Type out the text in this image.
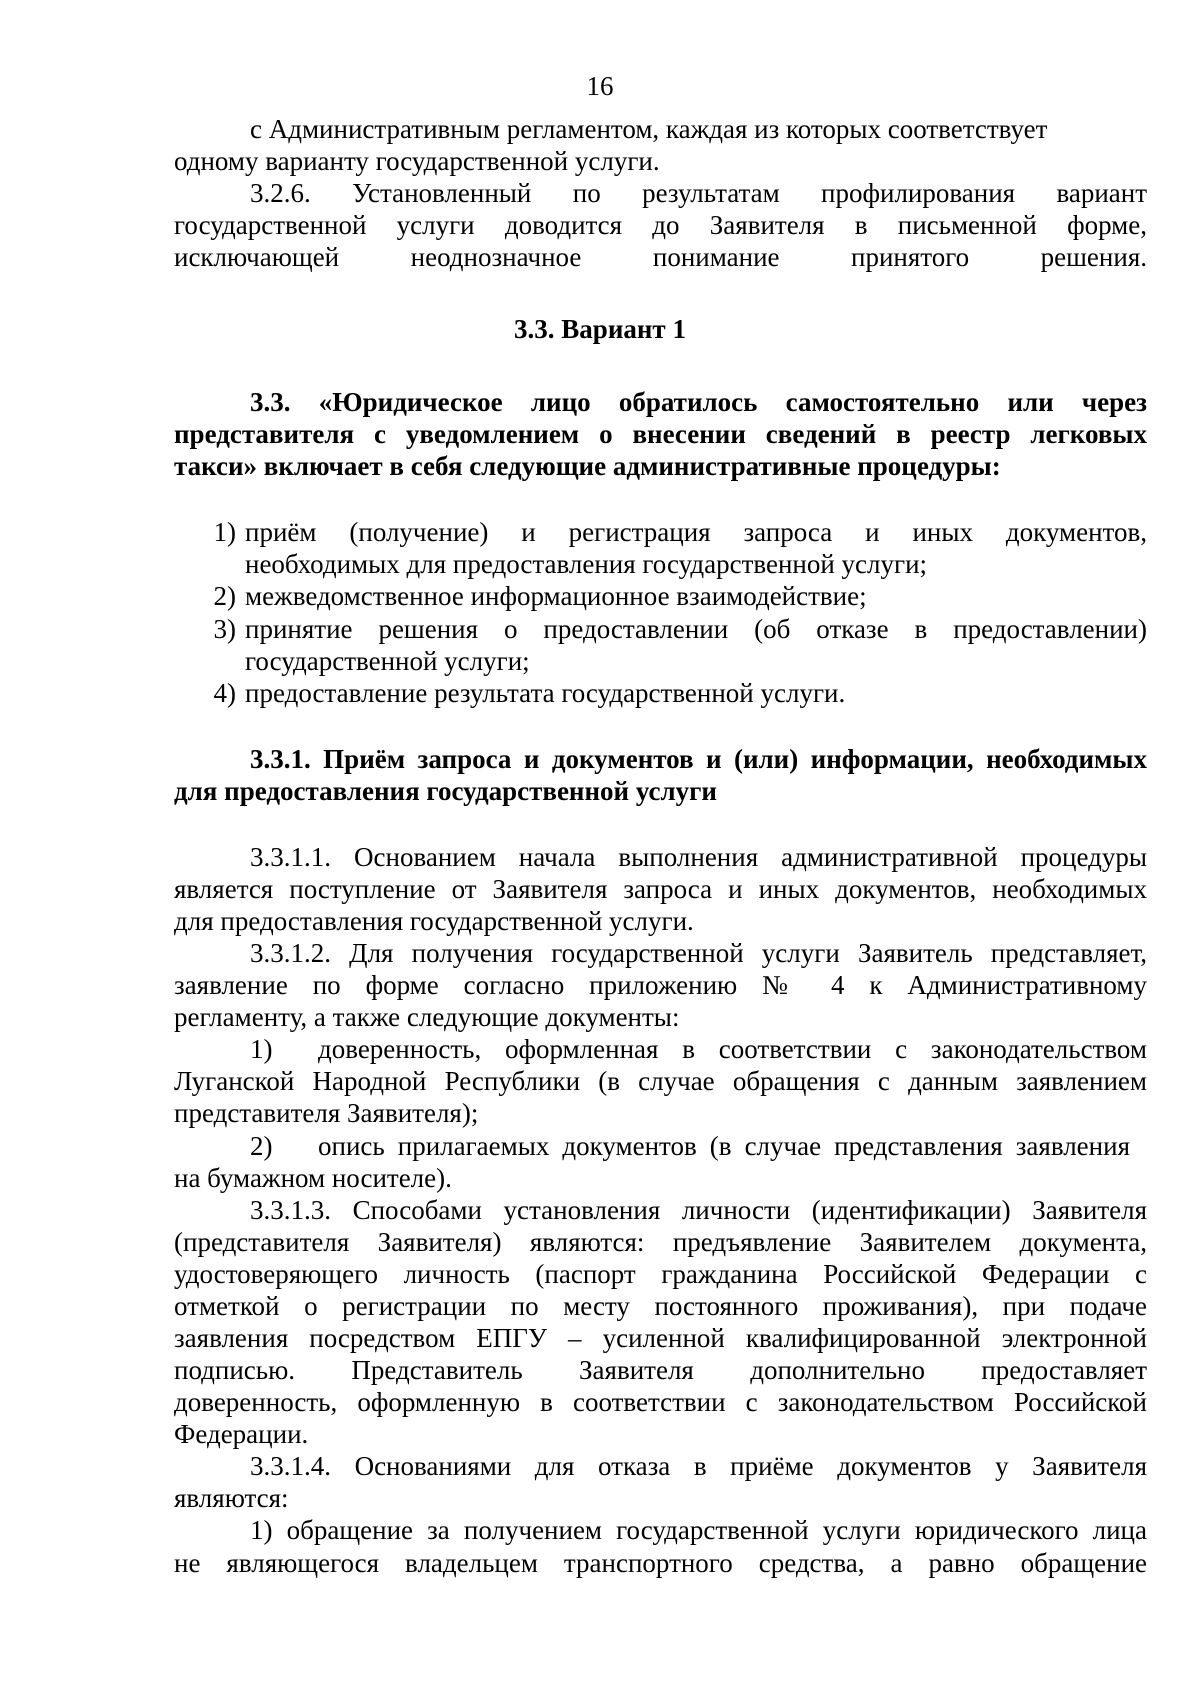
16
с Административным регламентом, каждая из которых соответствует
одному варианту государственной услуги.
3.2.6. Установленный по результатам профилирования вариант
государственной услуги доводится до Заявителя в письменной форме,
исключающей неоднозначное понимание принятого решения.
3.3. Вариант 1
3.3. «Юридическое лицо обратилось самостоятельно или через
представителя с уведомлением о внесении сведений в реестр легковых
такси» включает в себя следующие административные процедуры:
1) приём (получение) и регистрация запроса и иных документов,
необходимых для предоставления государственной услуги;
2) межведомственное информационное взаимодействие;
3) принятие решения о предоставлении (об отказе в предоставлении)
государственной услуги;
4) предоставление результата государственной услуги.
3.3.1. Приём запроса и документов и (или) информации, необходимых
для предоставления государственной услуги
3.3.1.1. Основанием начала выполнения административной процедуры
является поступление от Заявителя запроса и иных документов, необходимых
для предоставления государственной услуги.
3.3.1.2. Для получения государственной услуги Заявитель представляет,
заявление по форме согласно приложению № 4 к Административному
регламенту, а также следующие документы:
1) доверенность, оформленная в соответствии с законодательством
Луганской Народной Республики (в случае обращения с данным заявлением
представителя Заявителя);
2) опись прилагаемых документов (в случае представления заявления
на бумажном носителе).
3.3.1.3. Способами установления личности (идентификации) Заявителя
(представителя Заявителя) являются: предъявление Заявителем документа,
удостоверяющего личность (паспорт гражданина Российской Федерации с
отметкой о регистрации по месту постоянного проживания), при подаче
заявления посредством ЕПГУ – усиленной квалифицированной электронной
подписью. Представитель Заявителя дополнительно предоставляет
доверенность, оформленную в соответствии с законодательством Российской
Федерации.
3.3.1.4. Основаниями для отказа в приёме документов у Заявителя
являются:
1) обращение за получением государственной услуги юридического лица
не являющегося владельцем транспортного средства, а равно обращение
